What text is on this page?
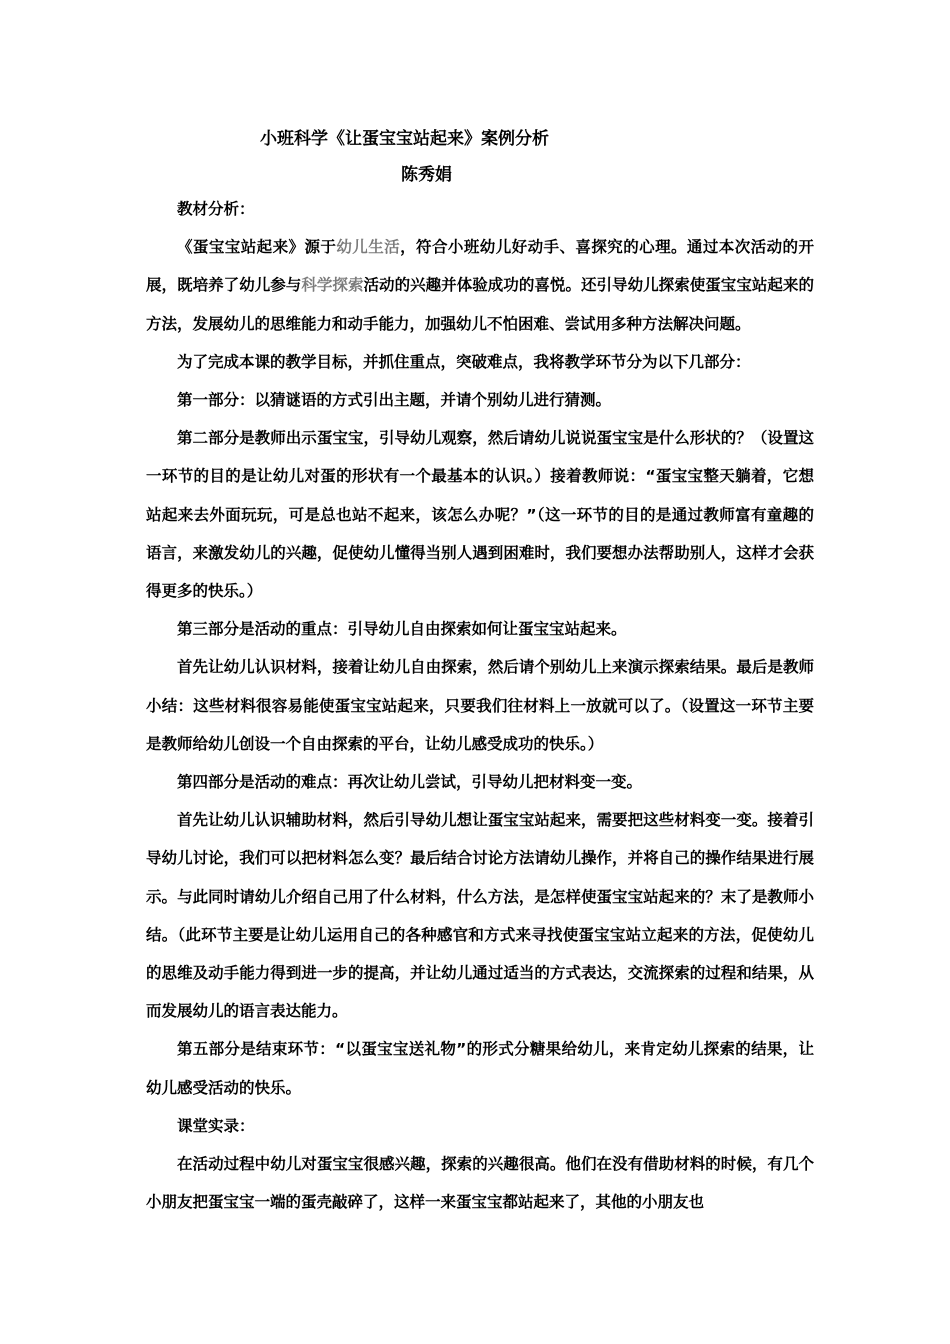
小班科学《让蛋宝宝站起来》案例分析
陈秀娟

教材分析：

《蛋宝宝站起来》源于幼儿生活，符合小班幼儿好动手、喜探究的心理。通过本次活动的开展，既培养了幼儿参与科学探索活动的兴趣并体验成功的喜悦。还引导幼儿探索使蛋宝宝站起来的方法，发展幼儿的思维能力和动手能力，加强幼儿不怕困难、尝试用多种方法解决问题。

为了完成本课的教学目标，并抓住重点，突破难点，我将教学环节分为以下几部分：

第一部分：以猜谜语的方式引出主题，并请个别幼儿进行猜测。

第二部分是教师出示蛋宝宝，引导幼儿观察，然后请幼儿说说蛋宝宝是什么形状的？（设置这一环节的目的是让幼儿对蛋的形状有一个最基本的认识。）接着教师说：“蛋宝宝整天躺着，它想站起来去外面玩玩，可是总也站不起来，该怎么办呢？”（这一环节的目的是通过教师富有童趣的语言，来激发幼儿的兴趣，促使幼儿懂得当别人遇到困难时，我们要想办法帮助别人，这样才会获得更多的快乐。）

第三部分是活动的重点：引导幼儿自由探索如何让蛋宝宝站起来。

首先让幼儿认识材料，接着让幼儿自由探索，然后请个别幼儿上来演示探索结果。最后是教师小结：这些材料很容易能使蛋宝宝站起来，只要我们往材料上一放就可以了。（设置这一环节主要是教师给幼儿创设一个自由探索的平台，让幼儿感受成功的快乐。）

第四部分是活动的难点：再次让幼儿尝试，引导幼儿把材料变一变。

首先让幼儿认识辅助材料，然后引导幼儿想让蛋宝宝站起来，需要把这些材料变一变。接着引导幼儿讨论，我们可以把材料怎么变？最后结合讨论方法请幼儿操作，并将自己的操作结果进行展示。与此同时请幼儿介绍自己用了什么材料，什么方法，是怎样使蛋宝宝站起来的？末了是教师小结。（此环节主要是让幼儿运用自己的各种感官和方式来寻找使蛋宝宝站立起来的方法，促使幼儿的思维及动手能力得到进一步的提高，并让幼儿通过适当的方式表达，交流探索的过程和结果，从而发展幼儿的语言表达能力。

第五部分是结束环节：“以蛋宝宝送礼物”的形式分糖果给幼儿，来肯定幼儿探索的结果，让幼儿感受活动的快乐。

课堂实录：

在活动过程中幼儿对蛋宝宝很感兴趣，探索的兴趣很高。他们在没有借助材料的时候，有几个小朋友把蛋宝宝一端的蛋壳敲碎了，这样一来蛋宝宝都站起来了，其他的小朋友也
